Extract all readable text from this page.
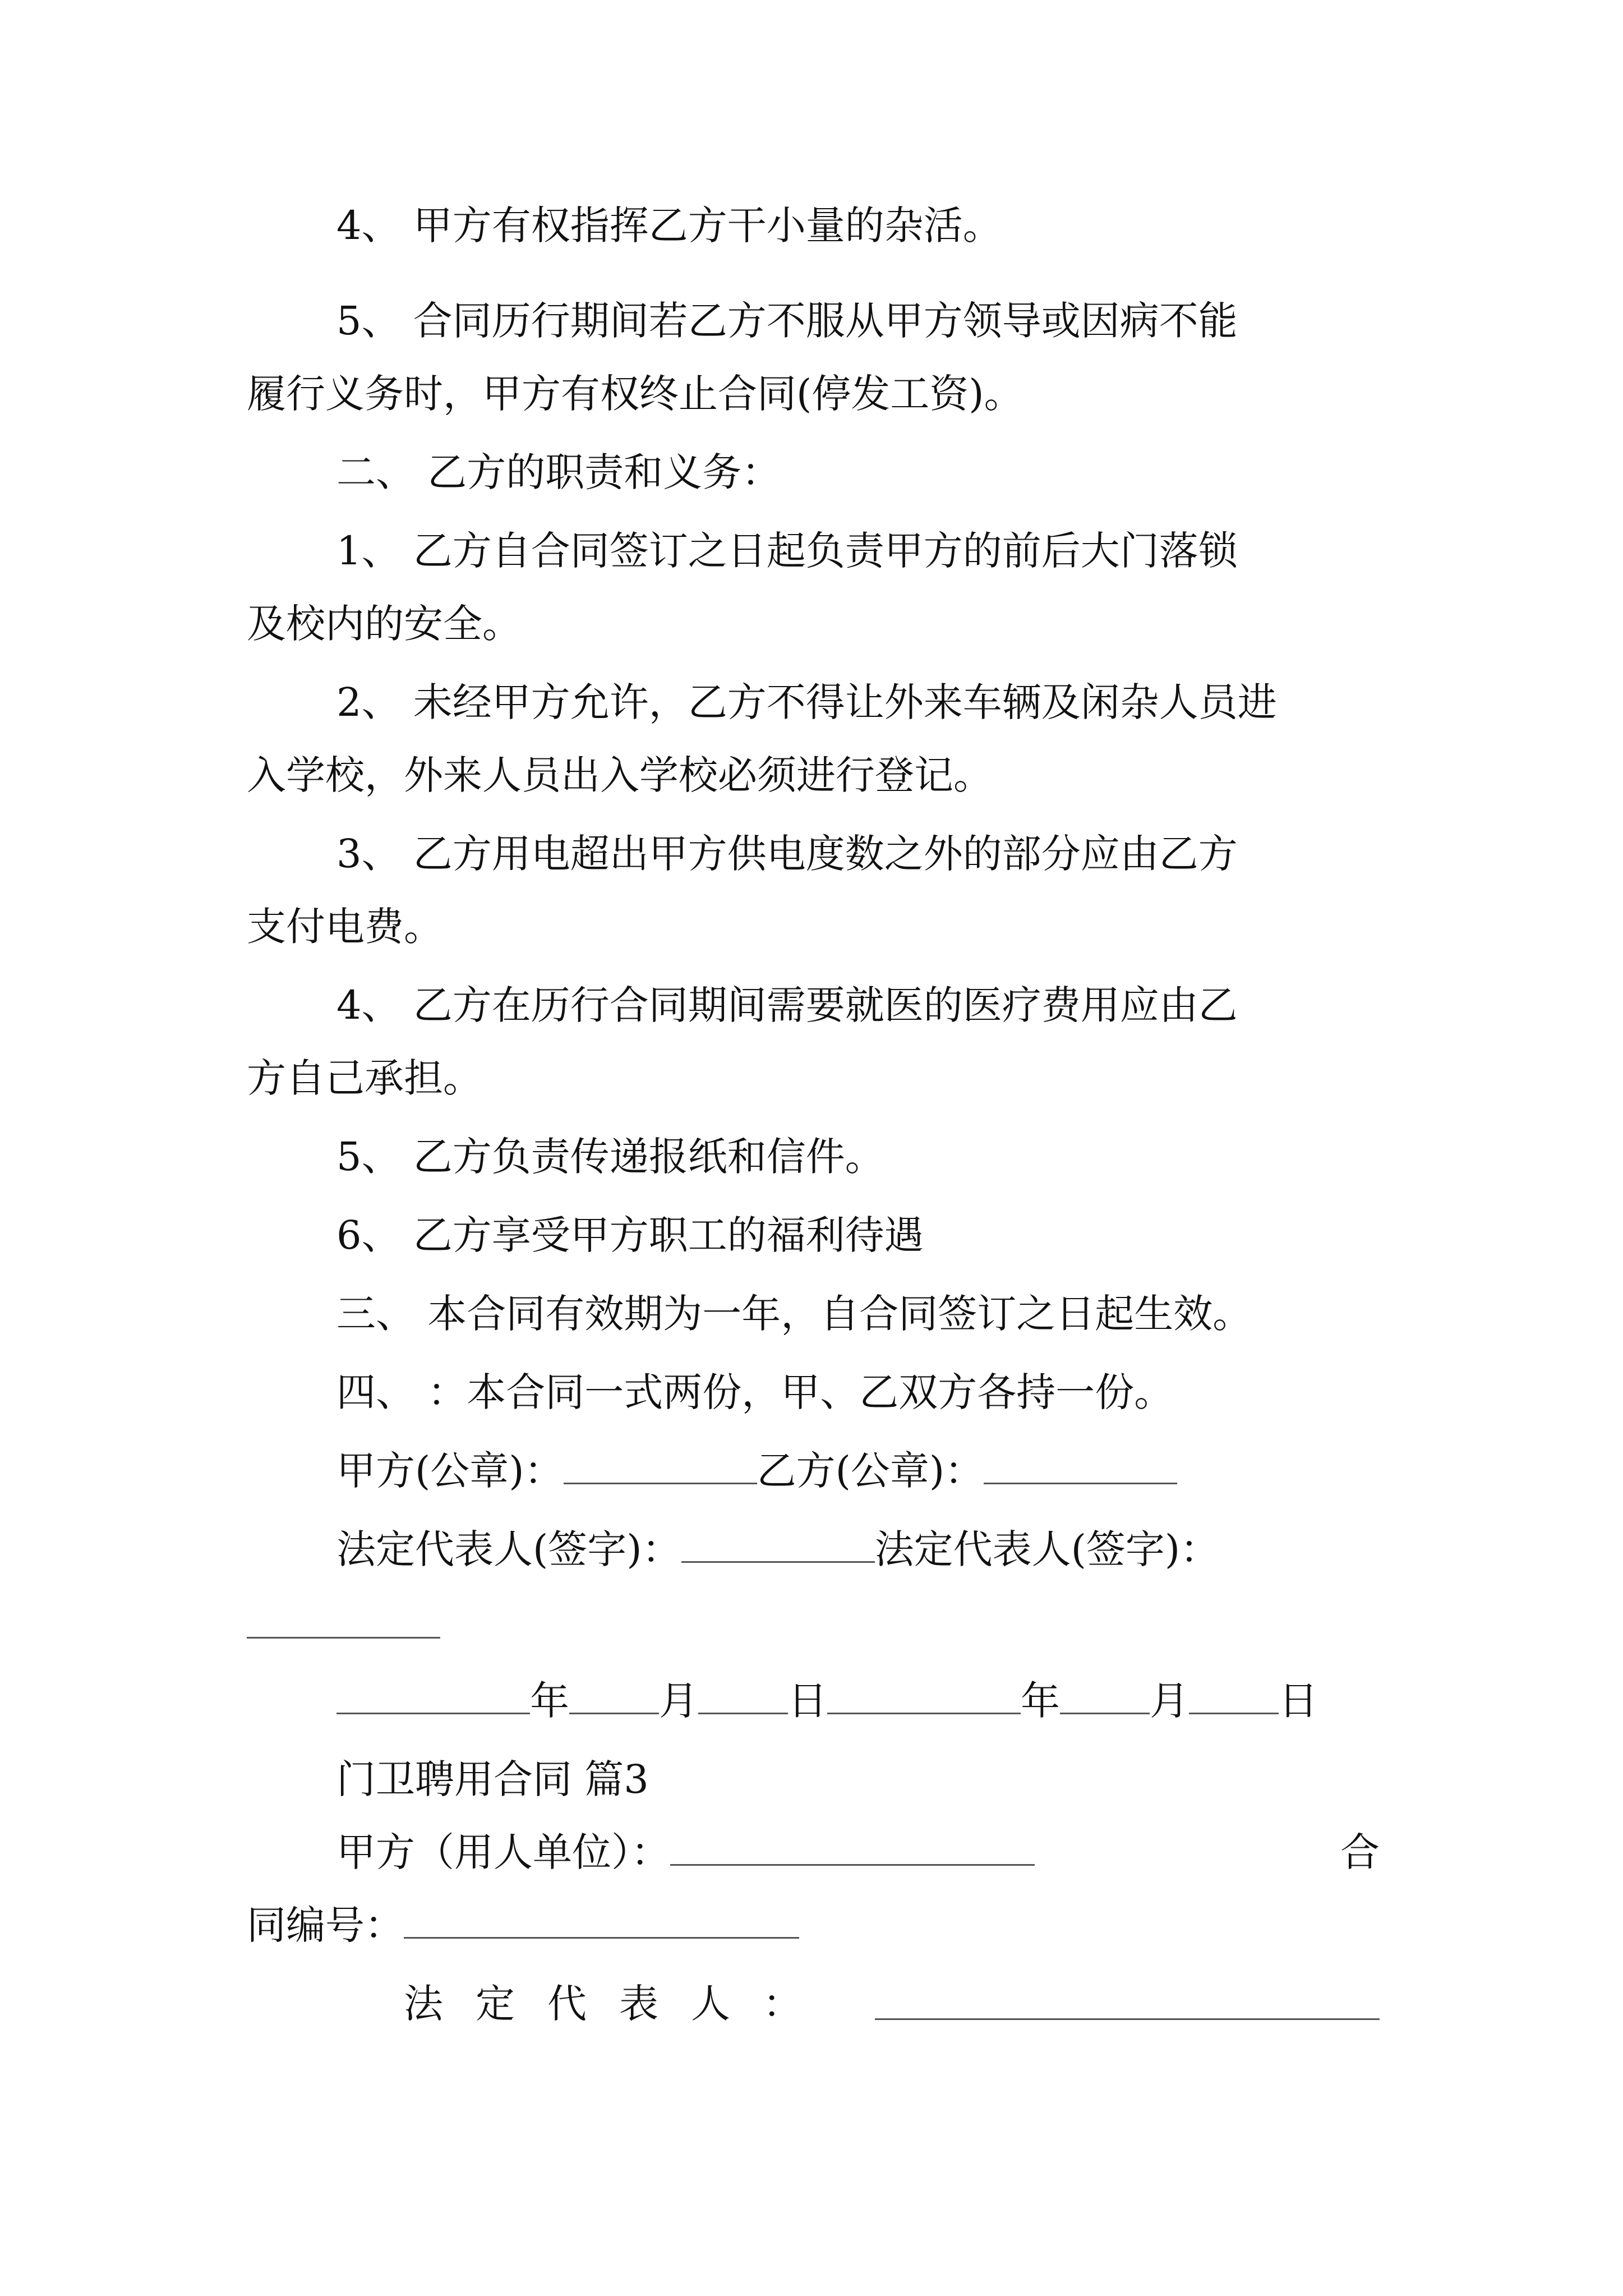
4、 甲方有权指挥乙方干小量的杂活。
5、 合同历行期间若乙方不服从甲方领导或因病不能
履行义务时，甲方有权终止合同(停发工资)。
二、 乙方的职责和义务：
1、 乙方自合同签订之日起负责甲方的前后大门落锁
及校内的安全。
2、 未经甲方允许，乙方不得让外来车辆及闲杂人员进
入学校，外来人员出入学校必须进行登记。
3、 乙方用电超出甲方供电度数之外的部分应由乙方
支付电费。
4、 乙方在历行合同期间需要就医的医疗费用应由乙
方自己承担。
5、 乙方负责传递报纸和信件。
6、 乙方享受甲方职工的福利待遇
三、 本合同有效期为一年，自合同签订之日起生效。
四、 ：本合同一式两份，甲、乙双方各持一份。
甲方(公章)：	乙方(公章)：
法定代表人(签字)：	法定代表人(签字)：
年 月 日	年 月 日
门卫聘用合同 篇3
甲方（用人单位）：	合
同编号：
法 定 代 表 人 ：
